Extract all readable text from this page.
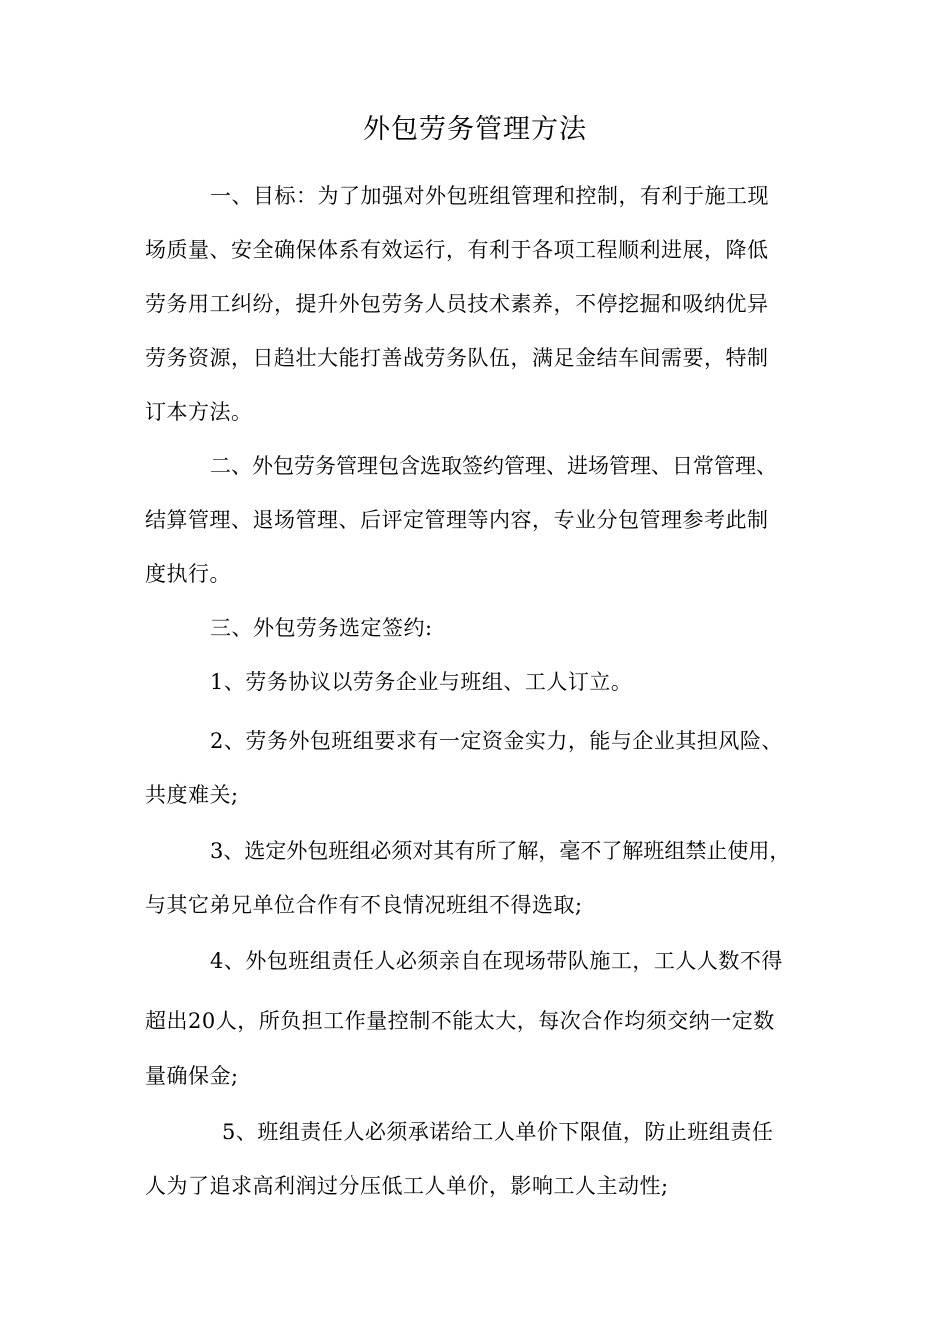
外包劳务管理方法
一、目标：为了加强对外包班组管理和控制，有利于施工现
场质量、安全确保体系有效运行，有利于各项工程顺利进展，降低
劳务用工纠纷，提升外包劳务人员技术素养，不停挖掘和吸纳优异
劳务资源，日趋壮大能打善战劳务队伍，满足金结车间需要，特制
订本方法。
二、外包劳务管理包含选取签约管理、进场管理、日常管理、
结算管理、退场管理、后评定管理等内容，专业分包管理参考此制
度执行。
三、外包劳务选定签约:
1、劳务协议以劳务企业与班组、工人订立。
2、劳务外包班组要求有一定资金实力，能与企业其担风险、
共度难关;
3、选定外包班组必须对其有所了解，毫不了解班组禁止使用，
与其它弟兄单位合作有不良情况班组不得选取;
4、外包班组责任人必须亲自在现场带队施工，工人人数不得
超出20人，所负担工作量控制不能太大，每次合作均须交纳一定数
量确保金;
5、班组责任人必须承诺给工人单价下限值，防止班组责任
人为了追求高利润过分压低工人单价，影响工人主动性;
